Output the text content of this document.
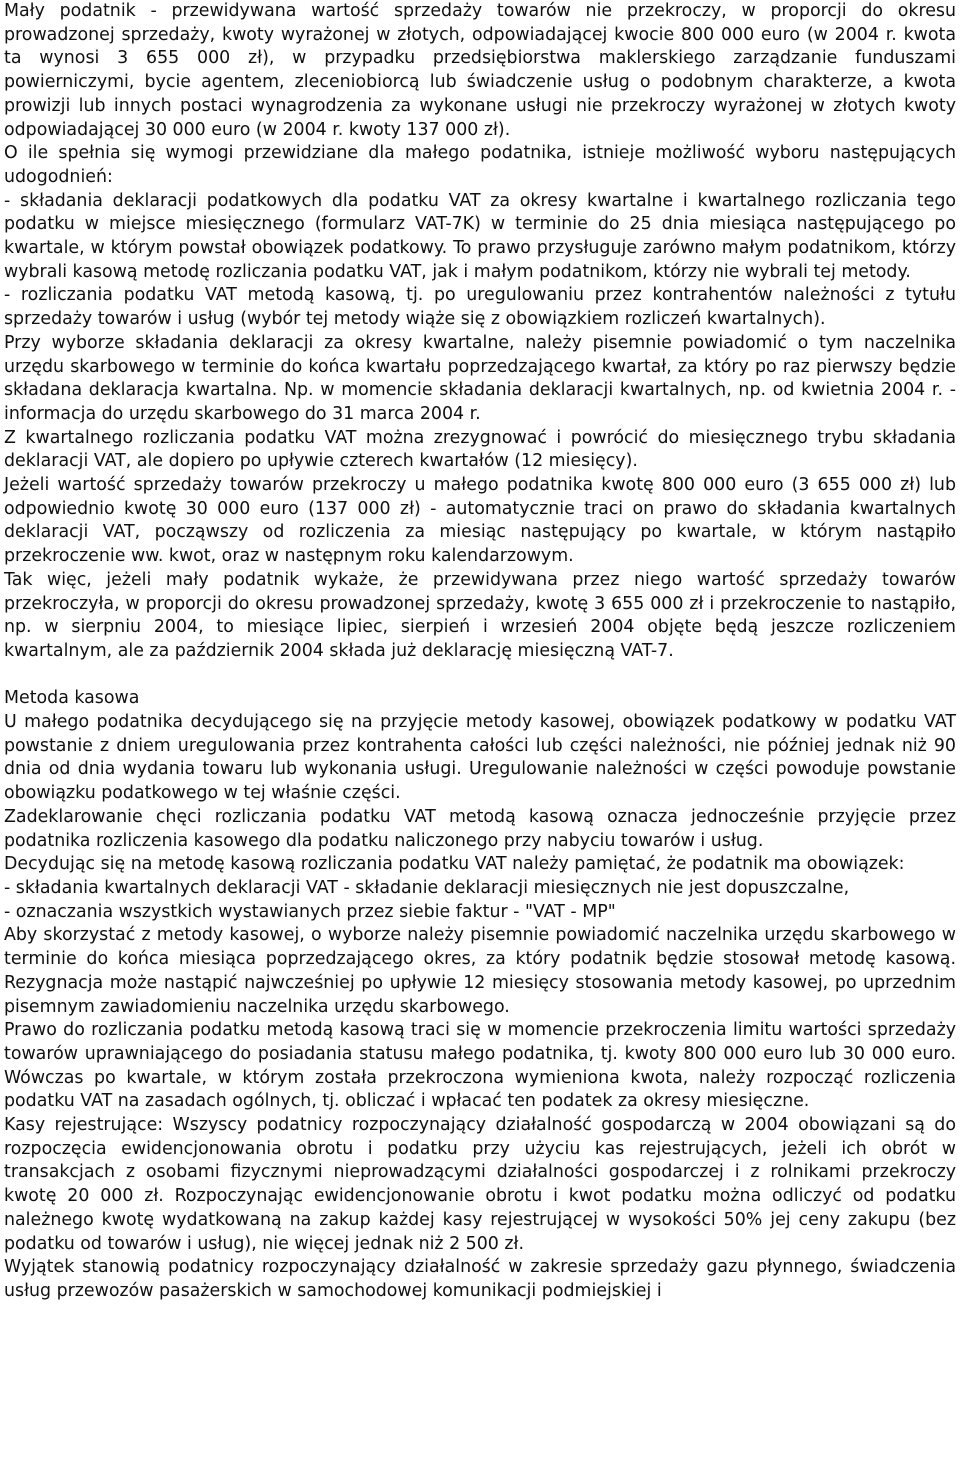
Mały podatnik - przewidywana wartość sprzedaży towarów nie przekroczy, w proporcji do okresu prowadzonej sprzedaży, kwoty wyrażonej w złotych, odpowiadającej kwocie 800 000 euro (w 2004 r. kwota ta wynosi 3 655 000 zł), w przypadku przedsiębiorstwa maklerskiego zarządzanie funduszami powierniczymi, bycie agentem, zleceniobiorcą lub świadczenie usług o podobnym charakterze, a kwota prowizji lub innych postaci wynagrodzenia za wykonane usługi nie przekroczy wyrażonej w złotych kwoty odpowiadającej 30 000 euro (w 2004 r. kwoty 137 000 zł).

O ile spełnia się wymogi przewidziane dla małego podatnika, istnieje możliwość wyboru następujących udogodnień:

- składania deklaracji podatkowych dla podatku VAT za okresy kwartalne i kwartalnego rozliczania tego podatku w miejsce miesięcznego (formularz VAT-7K) w terminie do 25 dnia miesiąca następującego po kwartale, w którym powstał obowiązek podatkowy. To prawo przysługuje zarówno małym podatnikom, którzy wybrali kasową metodę rozliczania podatku VAT, jak i małym podatnikom, którzy nie wybrali tej metody.

- rozliczania podatku VAT metodą kasową, tj. po uregulowaniu przez kontrahentów należności z tytułu sprzedaży towarów i usług (wybór tej metody wiąże się z obowiązkiem rozliczeń kwartalnych).

Przy wyborze składania deklaracji za okresy kwartalne, należy pisemnie powiadomić o tym naczelnika urzędu skarbowego w terminie do końca kwartału poprzedzającego kwartał, za który po raz pierwszy będzie składana deklaracja kwartalna. Np. w momencie składania deklaracji kwartalnych, np. od kwietnia 2004 r. - informacja do urzędu skarbowego do 31 marca 2004 r.

Z kwartalnego rozliczania podatku VAT można zrezygnować i powrócić do miesięcznego trybu składania deklaracji VAT, ale dopiero po upływie czterech kwartałów (12 miesięcy).

Jeżeli wartość sprzedaży towarów przekroczy u małego podatnika kwotę 800 000 euro (3 655 000 zł) lub odpowiednio kwotę 30 000 euro (137 000 zł) - automatycznie traci on prawo do składania kwartalnych deklaracji VAT, począwszy od rozliczenia za miesiąc następujący po kwartale, w którym nastąpiło przekroczenie ww. kwot, oraz w następnym roku kalendarzowym.

Tak więc, jeżeli mały podatnik wykaże, że przewidywana przez niego wartość sprzedaży towarów przekroczyła, w proporcji do okresu prowadzonej sprzedaży, kwotę 3 655 000 zł i przekroczenie to nastąpiło, np. w sierpniu 2004, to miesiące lipiec, sierpień i wrzesień 2004 objęte będą jeszcze rozliczeniem kwartalnym, ale za październik 2004 składa już deklarację miesięczną VAT-7.

Metoda kasowa

U małego podatnika decydującego się na przyjęcie metody kasowej, obowiązek podatkowy w podatku VAT powstanie z dniem uregulowania przez kontrahenta całości lub części należności, nie później jednak niż 90 dnia od dnia wydania towaru lub wykonania usługi. Uregulowanie należności w części powoduje powstanie obowiązku podatkowego w tej właśnie części.

Zadeklarowanie chęci rozliczania podatku VAT metodą kasową oznacza jednocześnie przyjęcie przez podatnika rozliczenia kasowego dla podatku naliczonego przy nabyciu towarów i usług.

Decydując się na metodę kasową rozliczania podatku VAT należy pamiętać, że podatnik ma obowiązek:

- składania kwartalnych deklaracji VAT - składanie deklaracji miesięcznych nie jest dopuszczalne,

- oznaczania wszystkich wystawianych przez siebie faktur - "VAT - MP"

Aby skorzystać z metody kasowej, o wyborze należy pisemnie powiadomić naczelnika urzędu skarbowego w terminie do końca miesiąca poprzedzającego okres, za który podatnik będzie stosował metodę kasową. Rezygnacja może nastąpić najwcześniej po upływie 12 miesięcy stosowania metody kasowej, po uprzednim pisemnym zawiadomieniu naczelnika urzędu skarbowego.

Prawo do rozliczania podatku metodą kasową traci się w momencie przekroczenia limitu wartości sprzedaży towarów uprawniającego do posiadania statusu małego podatnika, tj. kwoty 800 000 euro lub 30 000 euro. Wówczas po kwartale, w którym została przekroczona wymieniona kwota, należy rozpocząć rozliczenia podatku VAT na zasadach ogólnych, tj. obliczać i wpłacać ten podatek za okresy miesięczne.

Kasy rejestrujące: Wszyscy podatnicy rozpoczynający działalność gospodarczą w 2004 obowiązani są do rozpoczęcia ewidencjonowania obrotu i podatku przy użyciu kas rejestrujących, jeżeli ich obrót w transakcjach z osobami fizycznymi nieprowadzącymi działalności gospodarczej i z rolnikami przekroczy kwotę 20 000 zł. Rozpoczynając ewidencjonowanie obrotu i kwot podatku można odliczyć od podatku należnego kwotę wydatkowaną na zakup każdej kasy rejestrującej w wysokości 50% jej ceny zakupu (bez podatku od towarów i usług), nie więcej jednak niż 2 500 zł.

Wyjątek stanowią podatnicy rozpoczynający działalność w zakresie sprzedaży gazu płynnego, świadczenia usług przewozów pasażerskich w samochodowej komunikacji podmiejskiej i
